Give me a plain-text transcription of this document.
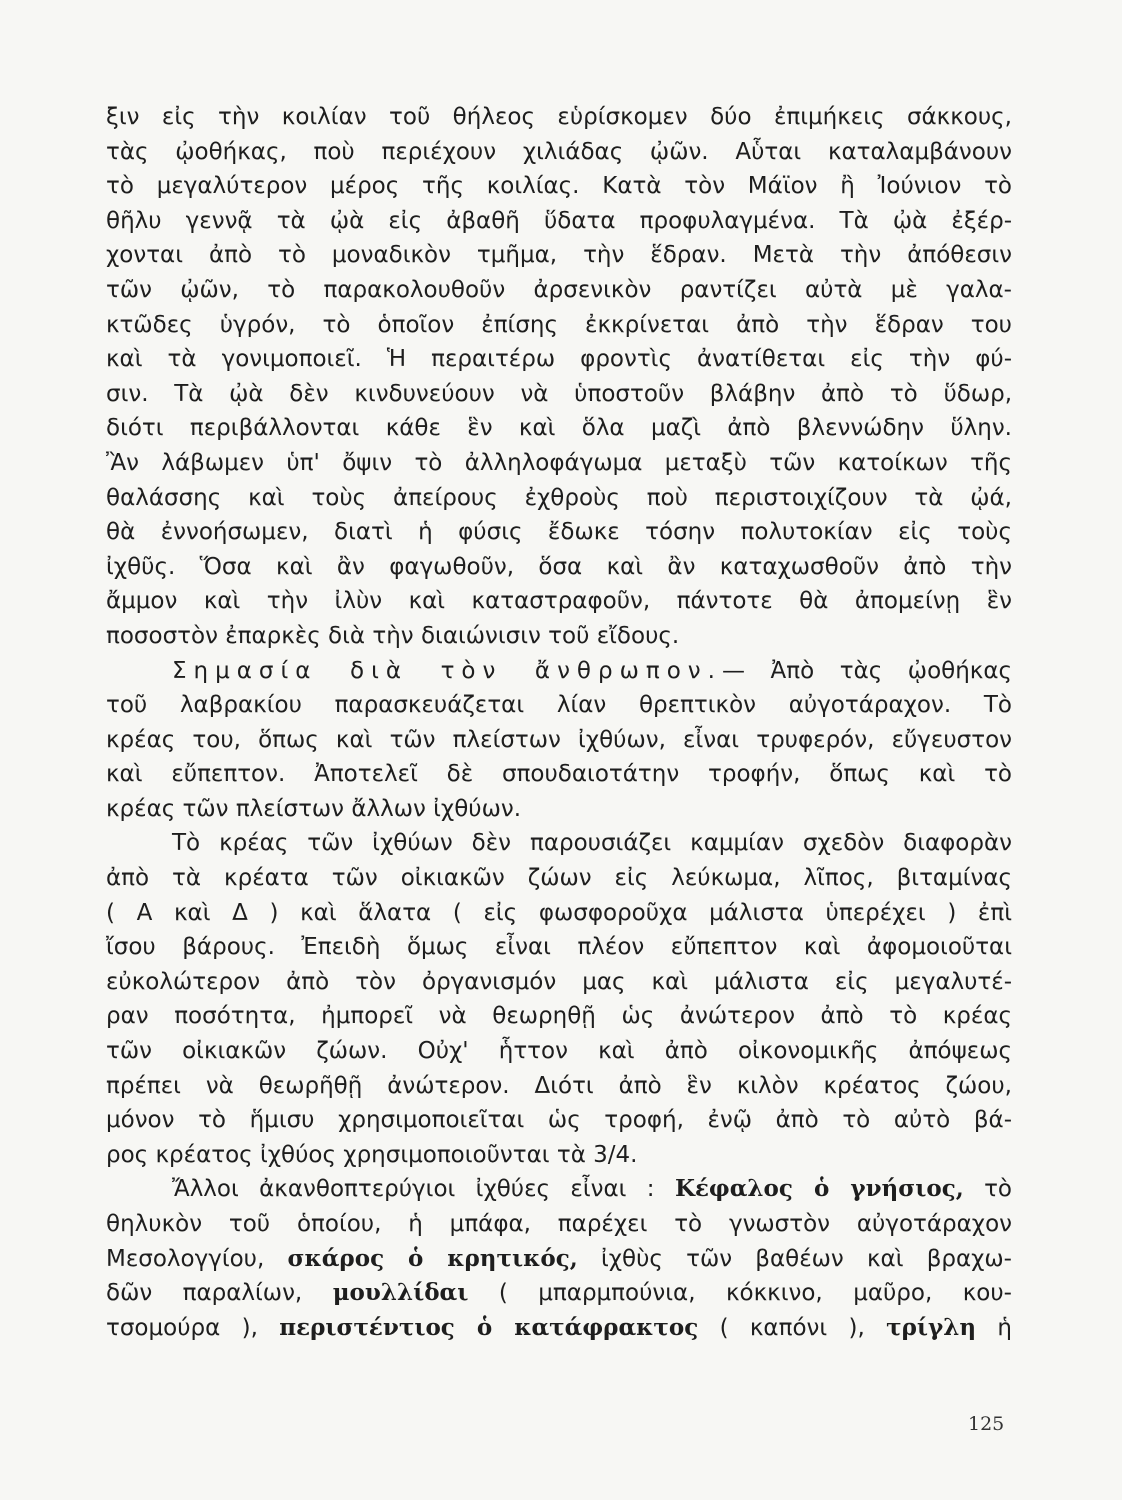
ξιν εἰς τὴν κοιλίαν τοῦ θήλεος εὑρίσκομεν δύο ἐπιμήκεις σάκκους,
τὰς ᾠοθήκας, ποὺ περιέχουν χιλιάδας ᾠῶν. Αὗται καταλαμβάνουν
τὸ μεγαλύτερον μέρος τῆς κοιλίας. Κατὰ τὸν Μάϊον ἢ Ἰούνιον τὸ
θῆλυ γεννᾷ τὰ ᾠὰ εἰς ἀβαθῆ ὕδατα προφυλαγμένα. Τὰ ᾠὰ ἐξέρ-
χονται ἀπὸ τὸ μοναδικὸν τμῆμα, τὴν ἕδραν. Μετὰ τὴν ἀπόθεσιν
τῶν ᾠῶν, τὸ παρακολουθοῦν ἀρσενικὸν ραντίζει αὐτὰ μὲ γαλα-
κτῶδες ὑγρόν, τὸ ὁποῖον ἐπίσης ἐκκρίνεται ἀπὸ τὴν ἕδραν του
καὶ τὰ γονιμοποιεῖ. Ἡ περαιτέρω φροντὶς ἀνατίθεται εἰς τὴν φύ-
σιν. Τὰ ᾠὰ δὲν κινδυνεύουν νὰ ὑποστοῦν βλάβην ἀπὸ τὸ ὕδωρ,
διότι περιβάλλονται κάθε ἓν καὶ ὅλα μαζὶ ἀπὸ βλεννώδην ὕλην.
Ἂν λάβωμεν ὑπ' ὄψιν τὸ ἀλληλοφάγωμα μεταξὺ τῶν κατοίκων τῆς
θαλάσσης καὶ τοὺς ἀπείρους ἐχθροὺς ποὺ περιστοιχίζουν τὰ ᾠά,
θὰ ἐννοήσωμεν, διατὶ ἡ φύσις ἔδωκε τόσην πολυτοκίαν εἰς τοὺς
ἰχθῦς. Ὅσα καὶ ἂν φαγωθοῦν, ὅσα καὶ ἂν καταχωσθοῦν ἀπὸ τὴν
ἄμμον καὶ τὴν ἰλὺν καὶ καταστραφοῦν, πάντοτε θὰ ἀπομείνῃ ἓν
ποσοστὸν ἐπαρκὲς διὰ τὴν διαιώνισιν τοῦ εἴδους.
Σημασία διὰ τὸν ἄνθρωπον.— Ἀπὸ τὰς ᾠοθήκας
τοῦ λαβρακίου παρασκευάζεται λίαν θρεπτικὸν αὐγοτάραχον. Τὸ
κρέας του, ὅπως καὶ τῶν πλείστων ἰχθύων, εἶναι τρυφερόν, εὔγευστον
καὶ εὔπεπτον. Ἀποτελεῖ δὲ σπουδαιοτάτην τροφήν, ὅπως καὶ τὸ
κρέας τῶν πλείστων ἄλλων ἰχθύων.
Τὸ κρέας τῶν ἰχθύων δὲν παρουσιάζει καμμίαν σχεδὸν διαφορὰν
ἀπὸ τὰ κρέατα τῶν οἰκιακῶν ζώων εἰς λεύκωμα, λῖπος, βιταμίνας
( Α καὶ Δ ) καὶ ἅλατα ( εἰς φωσφοροῦχα μάλιστα ὑπερέχει ) ἐπὶ
ἴσου βάρους. Ἐπειδὴ ὅμως εἶναι πλέον εὔπεπτον καὶ ἀφομοιοῦται
εὐκολώτερον ἀπὸ τὸν ὀργανισμόν μας καὶ μάλιστα εἰς μεγαλυτέ-
ραν ποσότητα, ἠμπορεῖ νὰ θεωρηθῇ ὡς ἀνώτερον ἀπὸ τὸ κρέας
τῶν οἰκιακῶν ζώων. Οὐχ' ἧττον καὶ ἀπὸ οἰκονομικῆς ἀπόψεως
πρέπει νὰ θεωρῆθῇ ἀνώτερον. Διότι ἀπὸ ἓν κιλὸν κρέατος ζώου,
μόνον τὸ ἥμισυ χρησιμοποιεῖται ὡς τροφή, ἐνῷ ἀπὸ τὸ αὐτὸ βά-
ρος κρέατος ἰχθύος χρησιμοποιοῦνται τὰ 3/4.
Ἄλλοι ἀκανθοπτερύγιοι ἰχθύες εἶναι : Κέφαλος ὁ γνήσιος, τὸ
θηλυκὸν τοῦ ὁποίου, ἡ μπάφα, παρέχει τὸ γνωστὸν αὐγοτάραχον
Μεσολογγίου, σκάρος ὁ κρητικός, ἰχθὺς τῶν βαθέων καὶ βραχω-
δῶν παραλίων, μουλλίδαι ( μπαρμπούνια, κόκκινο, μαῦρο, κου-
τσομούρα ), περιστέντιος ὁ κατάφρακτος ( καπόνι ), τρίγλη ἡ
125
